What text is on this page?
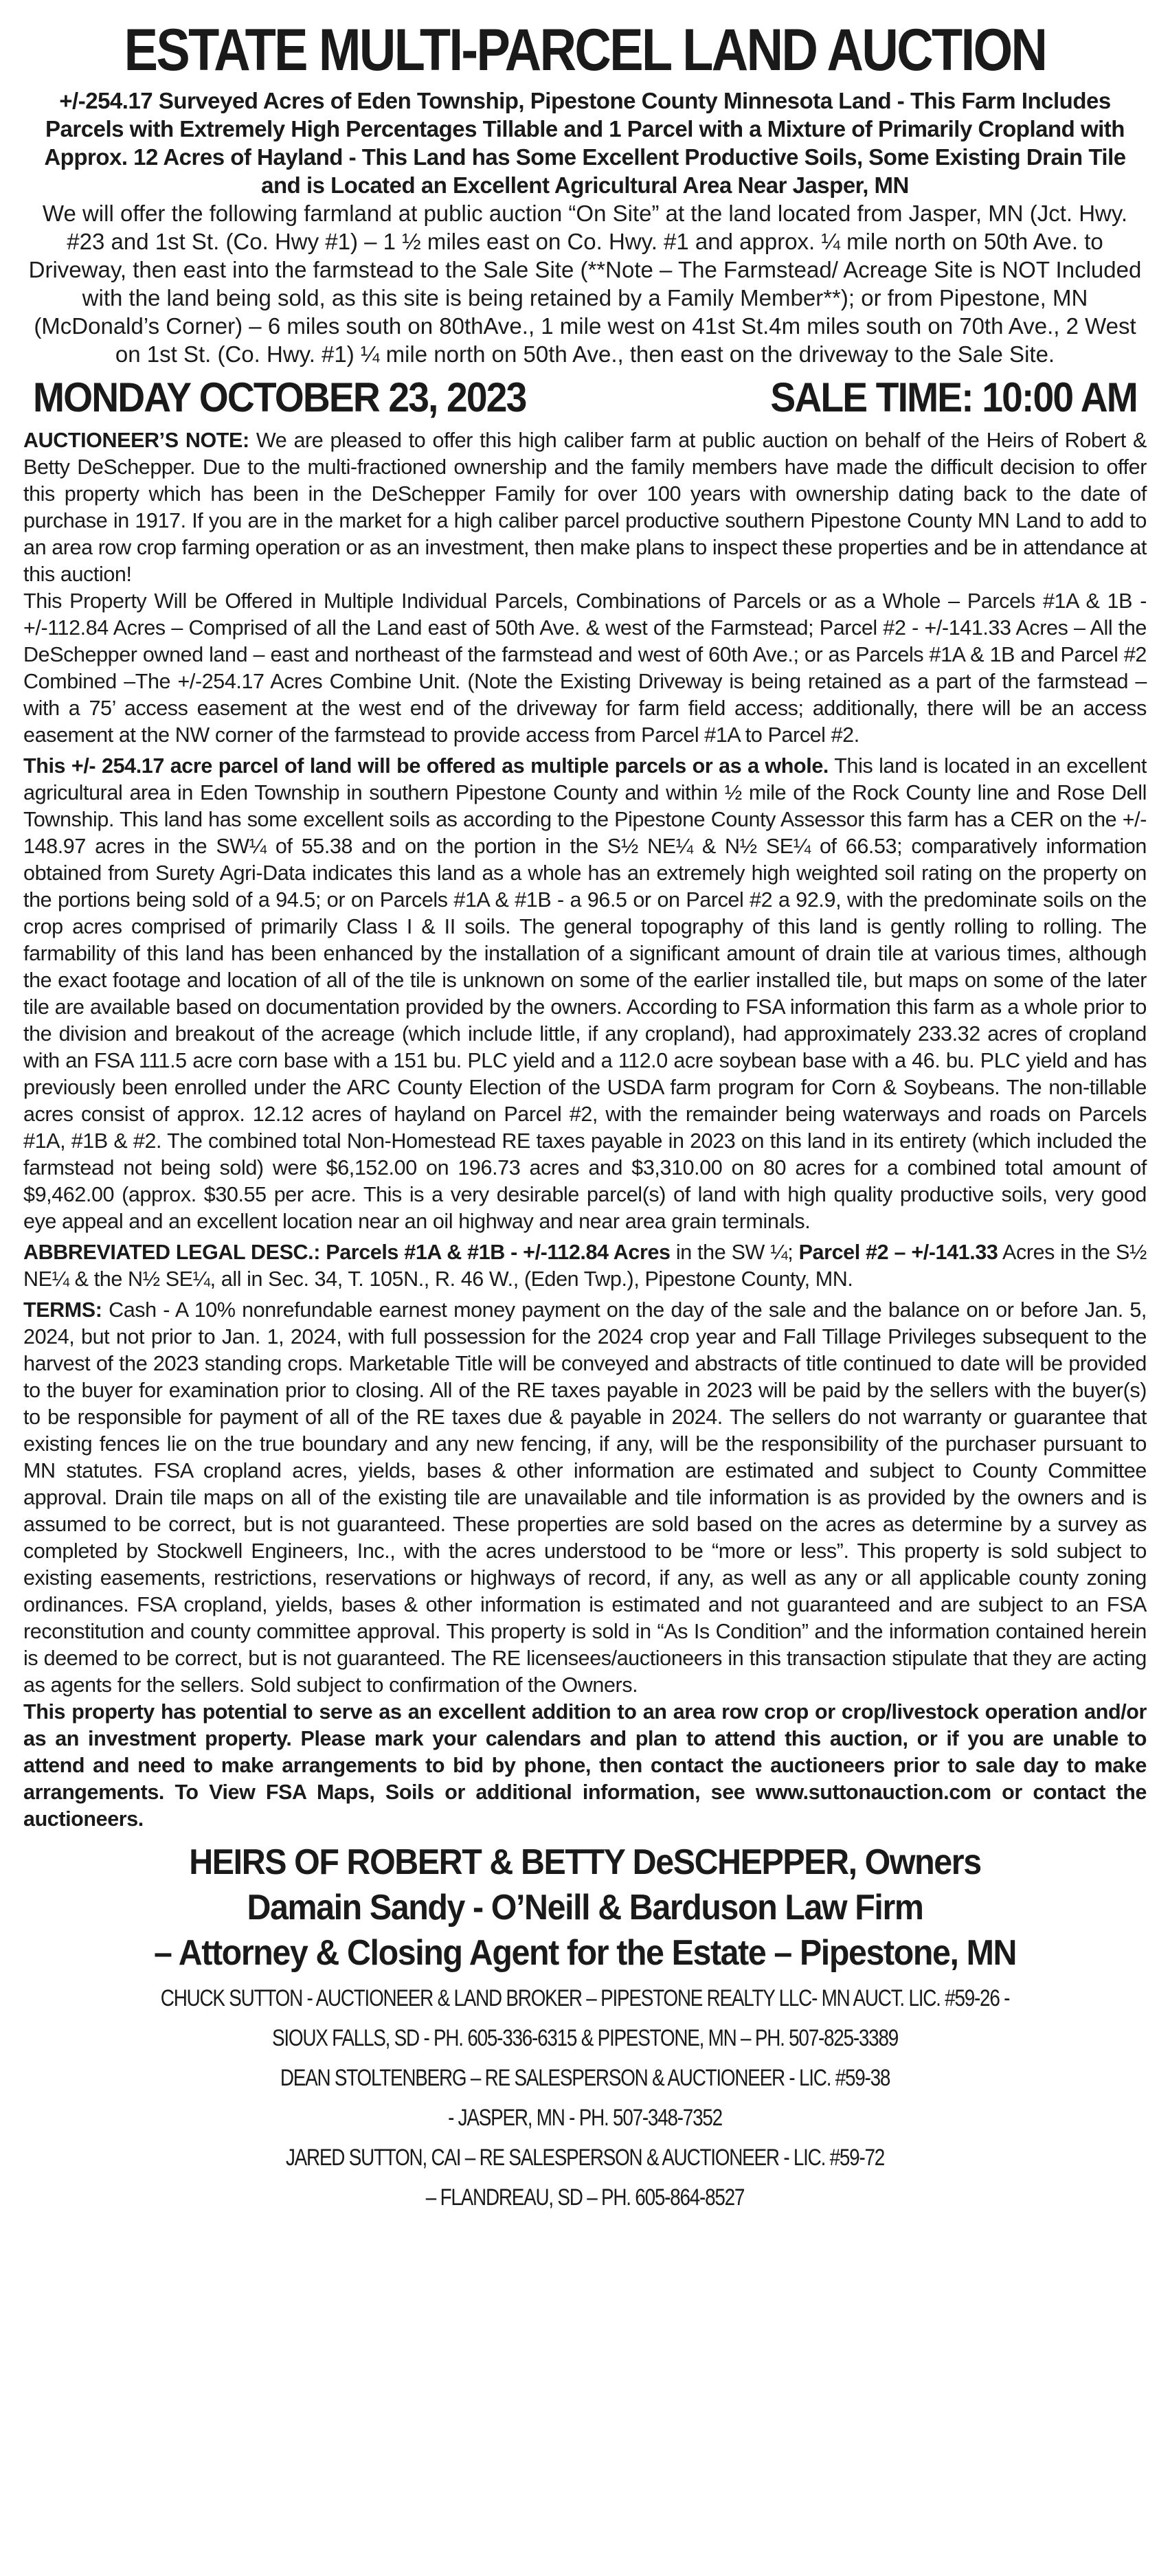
ESTATE MULTI-PARCEL LAND AUCTION
+/-254.17 Surveyed Acres of Eden Township, Pipestone County Minnesota Land - This Farm Includes Parcels with Extremely High Percentages Tillable and 1 Parcel with a Mixture of Primarily Cropland with Approx. 12 Acres of Hayland - This Land has Some Excellent Productive Soils, Some Existing Drain Tile and is Located an Excellent Agricultural Area Near Jasper, MN
We will offer the following farmland at public auction “On Site” at the land located from Jasper, MN (Jct. Hwy. #23 and 1st St. (Co. Hwy #1) – 1 ½ miles east on Co. Hwy. #1 and approx. ¼ mile north on 50th Ave. to Driveway, then east into the farmstead to the Sale Site (**Note – The Farmstead/ Acreage Site is NOT Included with the land being sold, as this site is being retained by a Family Member**); or from Pipestone, MN (McDonald’s Corner) – 6 miles south on 80thAve., 1 mile west on 41st St.4m miles south on 70th Ave., 2 West on 1st St. (Co. Hwy. #1) ¼ mile north on 50th Ave., then east on the driveway to the Sale Site.
MONDAY OCTOBER 23, 2023	SALE TIME: 10:00 AM

AUCTIONEER’S NOTE: We are pleased to offer this high caliber farm at public auction on behalf of the Heirs of Robert & Betty DeSchepper. Due to the multi-fractioned ownership and the family members have made the difficult decision to offer this property which has been in the DeSchepper Family for over 100 years with ownership dating back to the date of purchase in 1917. If you are in the market for a high caliber parcel productive southern Pipestone County MN Land to add to an area row crop farming operation or as an investment, then make plans to inspect these properties and be in attendance at this auction!
This Property Will be Offered in Multiple Individual Parcels, Combinations of Parcels or as a Whole – Parcels #1A & 1B - +/-112.84 Acres – Comprised of all the Land east of 50th Ave. & west of the Farmstead; Parcel #2 - +/-141.33 Acres – All the DeSchepper owned land – east and northeast of the farmstead and west of 60th Ave.; or as Parcels #1A & 1B and Parcel #2 Combined –The +/-254.17 Acres Combine Unit. (Note the Existing Driveway is being retained as a part of the farmstead – with a 75’ access easement at the west end of the driveway for farm field access; additionally, there will be an access easement at the NW corner of the farmstead to provide access from Parcel #1A to Parcel #2.

This +/- 254.17 acre parcel of land will be offered as multiple parcels or as a whole. This land is located in an excellent agricultural area in Eden Township in southern Pipestone County and within ½ mile of the Rock County line and Rose Dell Township. This land has some excellent soils as according to the Pipestone County Assessor this farm has a CER on the +/- 148.97 acres in the SW¼ of 55.38 and on the portion in the S½ NE¼ & N½ SE¼ of 66.53; comparatively information obtained from Surety Agri-Data indicates this land as a whole has an extremely high weighted soil rating on the property on the portions being sold of a 94.5; or on Parcels #1A & #1B - a 96.5 or on Parcel #2 a 92.9, with the predominate soils on the crop acres comprised of primarily Class I & II soils. The general topography of this land is gently rolling to rolling. The farmability of this land has been enhanced by the installation of a significant amount of drain tile at various times, although the exact footage and location of all of the tile is unknown on some of the earlier installed tile, but maps on some of the later tile are available based on documentation provided by the owners. According to FSA information this farm as a whole prior to the division and breakout of the acreage (which include little, if any cropland), had approximately 233.32 acres of cropland with an FSA 111.5 acre corn base with a 151 bu. PLC yield and a 112.0 acre soybean base with a 46. bu. PLC yield and has previously been enrolled under the ARC County Election of the USDA farm program for Corn & Soybeans. The non-tillable acres consist of approx. 12.12 acres of hayland on Parcel #2, with the remainder being waterways and roads on Parcels #1A, #1B & #2. The combined total Non-Homestead RE taxes payable in 2023 on this land in its entirety (which included the farmstead not being sold) were $6,152.00 on 196.73 acres and $3,310.00 on 80 acres for a combined total amount of $9,462.00 (approx. $30.55 per acre. This is a very desirable parcel(s) of land with high quality productive soils, very good eye appeal and an excellent location near an oil highway and near area grain terminals.

ABBREVIATED LEGAL DESC.: Parcels #1A & #1B - +/-112.84 Acres in the SW ¼; Parcel #2 – +/-141.33 Acres in the S½ NE¼ & the N½ SE¼, all in Sec. 34, T. 105N., R. 46 W., (Eden Twp.), Pipestone County, MN.

TERMS: Cash - A 10% nonrefundable earnest money payment on the day of the sale and the balance on or before Jan. 5, 2024, but not prior to Jan. 1, 2024, with full possession for the 2024 crop year and Fall Tillage Privileges subsequent to the harvest of the 2023 standing crops. Marketable Title will be conveyed and abstracts of title continued to date will be provided to the buyer for examination prior to closing. All of the RE taxes payable in 2023 will be paid by the sellers with the buyer(s) to be responsible for payment of all of the RE taxes due & payable in 2024. The sellers do not warranty or guarantee that existing fences lie on the true boundary and any new fencing, if any, will be the responsibility of the purchaser pursuant to MN statutes. FSA cropland acres, yields, bases & other information are estimated and subject to County Committee approval. Drain tile maps on all of the existing tile are unavailable and tile information is as provided by the owners and is assumed to be correct, but is not guaranteed. These properties are sold based on the acres as determine by a survey as completed by Stockwell Engineers, Inc., with the acres understood to be “more or less”. This property is sold subject to existing easements, restrictions, reservations or highways of record, if any, as well as any or all applicable county zoning ordinances. FSA cropland, yields, bases & other information is estimated and not guaranteed and are subject to an FSA reconstitution and county committee approval. This property is sold in “As Is Condition” and the information contained herein is deemed to be correct, but is not guaranteed. The RE licensees/auctioneers in this transaction stipulate that they are acting as agents for the sellers. Sold subject to confirmation of the Owners.
This property has potential to serve as an excellent addition to an area row crop or crop/livestock operation and/or as an investment property. Please mark your calendars and plan to attend this auction, or if you are unable to attend and need to make arrangements to bid by phone, then contact the auctioneers prior to sale day to make arrangements. To View FSA Maps, Soils or additional information, see www.suttonauction.com or contact the auctioneers.

HEIRS OF ROBERT & BETTY DeSCHEPPER, Owners
Damain Sandy - O’Neill & Barduson Law Firm
– Attorney & Closing Agent for the Estate – Pipestone, MN
CHUCK SUTTON - AUCTIONEER & LAND BROKER – PIPESTONE REALTY LLC- MN AUCT. LIC. #59-26 -
SIOUX FALLS, SD - PH. 605-336-6315 & PIPESTONE, MN – PH. 507-825-3389
DEAN STOLTENBERG – RE SALESPERSON & AUCTIONEER - LIC. #59-38
- JASPER, MN - PH. 507-348-7352
JARED SUTTON, CAI – RE SALESPERSON & AUCTIONEER - LIC. #59-72
– FLANDREAU, SD – PH. 605-864-8527
